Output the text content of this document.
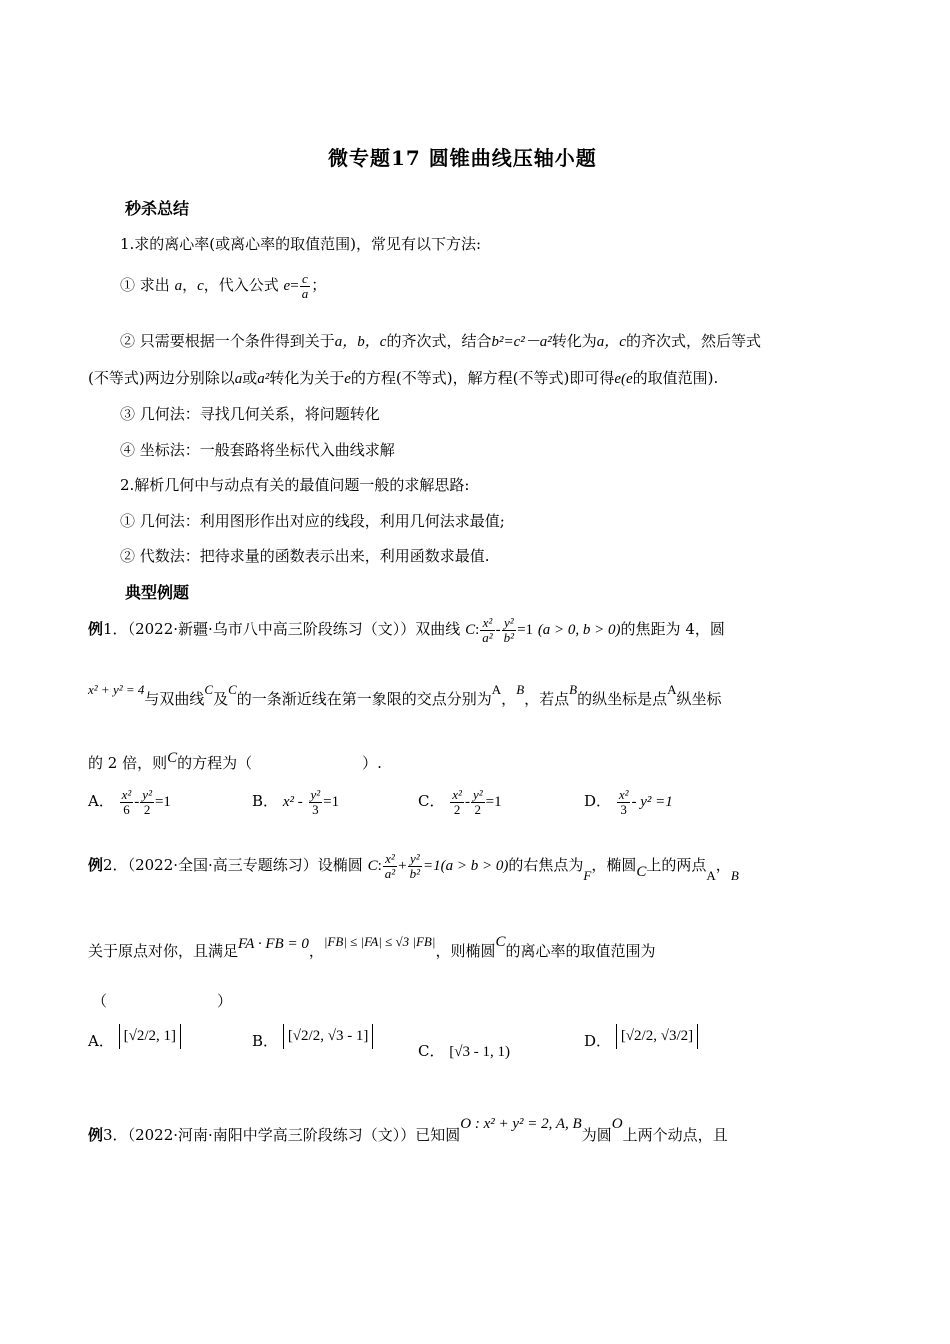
微专题17 圆锥曲线压轴小题
秒杀总结
1.求的离心率(或离心率的取值范围)，常见有以下方法:
① 求出 a，c，代入公式 $e= \frac{c}{a}$ ；
② 只需要根据一个条件得到关于a，b，c的齐次式，结合b²=c²－a²转化为a，c的齐次式，然后等式
(不等式)两边分别除以a或a²转化为关于e的方程(不等式)，解方程(不等式)即可得e(e的取值范围).
③ 几何法：寻找几何关系，将问题转化
④ 坐标法：一般套路将坐标代入曲线求解
2.解析几何中与动点有关的最值问题一般的求解思路:
① 几何法：利用图形作出对应的线段，利用几何法求最值;
② 代数法：把待求量的函数表示出来，利用函数求最值.
典型例题
例1．（2022·新疆·乌市八中高三阶段练习（文））双曲线 C: $\frac{\text{x²}}{\text{a²}} - \frac{\text{y²}}{\text{b²}} =1$ (a > 0, b > 0)的焦距为 4，圆
x² + y² = 4与双曲线C及C的一条渐近线在第一象限的交点分别为A，B，若点B的纵坐标是点A纵坐标
的 2 倍，则C的方程为（	）.
A． $\frac{\text{x²}}{6} - \frac{\text{y²}}{2} =1$	B． $x^2 - \frac{\text{y²}}{3} =1$	C． $\frac{\text{x²}}{2} - \frac{\text{y²}}{2} =1$	D． $\frac{\text{x²}}{3} - y^2 =1$
例2．（2022·全国·高三专题练习）设椭圆 C: $\frac{\text{x²}}{\text{a²}} + \frac{\text{y²}}{\text{b²}} =1(a > b > 0)$的右焦点为F，椭圆C上的两点A，B
关于原点对你，且满足FA · FB = 0，|FB| ≤ |FA| ≤ √3 |FB|，则椭圆C的离心率的取值范围为
（	）
A． [√2/2, 1]	B． [√2/2, √3 - 1]
C． [√3 - 1, 1)
D． [√2/2, √3/2]
例3．（2022·河南·南阳中学高三阶段练习（文））已知圆O : x² + y² = 2, A, B为圆O上两个动点，且
